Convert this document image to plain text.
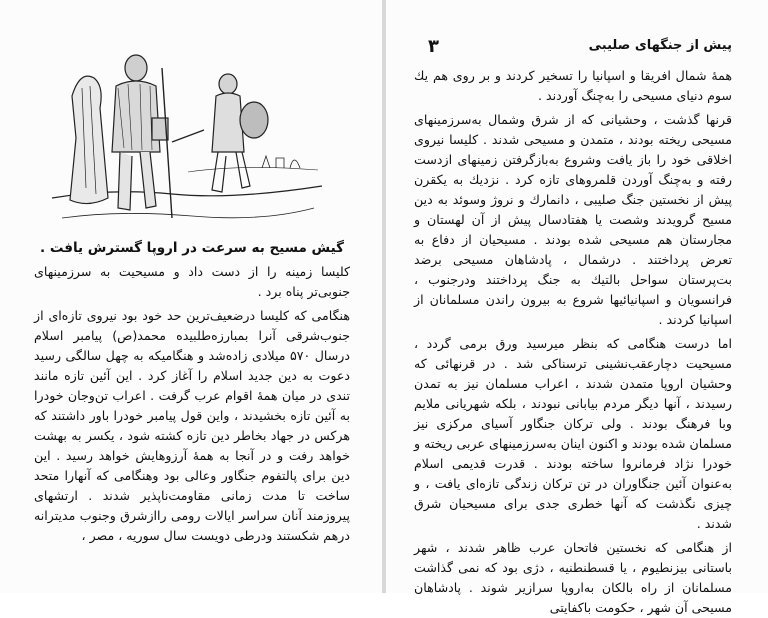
گیش مسیح به سرعت در اروپا گسترش یافت .

کلیسا زمینه را از دست داد و مسیحیت به سرزمینهای جنوبی‌تر پناه برد .

هنگامی که کلیسا درضعیف‌ترین حد خود بود نیروی تازه‌ای از جنوب‌شرقی آنرا بمبارزه‌طلبیده محمد(ص) پیامبر اسلام درسال ۵۷۰ میلادی زاده‌شد و هنگامیکه به چهل سالگی رسید دعوت به دین جدید اسلام را آغاز کرد . این آئین تازه مانند تندی در میان همهٔ اقوام عرب گرفت . اعراب تن‌وجان خودرا به آئین تازه بخشیدند ، واین قول پیامبر خودرا باور داشتند که هرکس در جهاد بخاطر دین تازه کشته شود ، یکسر به بهشت خواهد رفت و در آنجا به همهٔ آرزوهایش خواهد رسید . این دین برای پالتفوم جنگاور وعالی بود وهنگامی که آنهارا متحد ساخت تا مدت زمانی مقاومت‌ناپذیر شدند . ارتشهای پیروزمند آنان سراسر ایالات رومی راازشرق وجنوب مدیترانه درهم شکستند ودرطی دویست سال سوریه ، مصر ،

۳	پیش از جنگهای صلیبی

همهٔ شمال افریقا و اسپانیا را تسخیر کردند و بر روی هم یك سوم دنیای مسیحی را به‌چنگ آوردند .

قرنها گذشت ، وحشیانی که از شرق وشمال به‌سرزمینهای مسیحی ریخته بودند ، متمدن و مسیحی شدند . کلیسا نیروی اخلاقی خود را باز یافت وشروع به‌بازگرفتن زمینهای ازدست رفته و به‌چنگ آوردن قلمروهای تازه کرد . نزدیك به یکقرن پیش از نخستین جنگ صلیبی ، دانمارك و نروژ وسوئد به دین مسیح گرویدند وشصت یا هفتادسال پیش از آن لهستان و مجارستان هم مسیحی شده بودند . مسیحیان از دفاع به تعرض پرداختند . درشمال ، پادشاهان مسیحی برضد بت‌پرستان سواحل بالتیك به جنگ پرداختند ودرجنوب ، فرانسویان و اسپانیائیها شروع به بیرون راندن مسلمانان از اسپانیا کردند .

اما درست هنگامی که بنظر میرسید ورق برمی گردد ، مسیحیت دچارعقب‌نشینی ترسناکی شد . در قرنهائی که وحشیان اروپا متمدن شدند ، اعراب مسلمان نیز به تمدن رسیدند ، آنها دیگر مردم بیابانی نبودند ، بلکه شهریانی ملایم وبا فرهنگ بودند . ولی ترکان جنگاور آسیای مرکزی نیز مسلمان شده بودند و اکنون اینان به‌سرزمینهای عربی ریخته و خودرا نژاد فرمانروا ساخته بودند . قدرت قدیمی اسلام به‌عنوان آئین جنگاوران در تن ترکان زندگی تازه‌ای یافت ، و چیزی نگذشت که آنها خطری جدی برای مسیحیان شرق شدند .

از هنگامی که نخستین فاتحان عرب ظاهر شدند ، شهر باستانی بیزنطیوم ، یا قسطنطنیه ، دژی بود که نمی گذاشت مسلمانان از راه بالکان به‌اروپا سرازیر شوند . پادشاهان مسیحی آن شهر ، حکومت باکفایتی
